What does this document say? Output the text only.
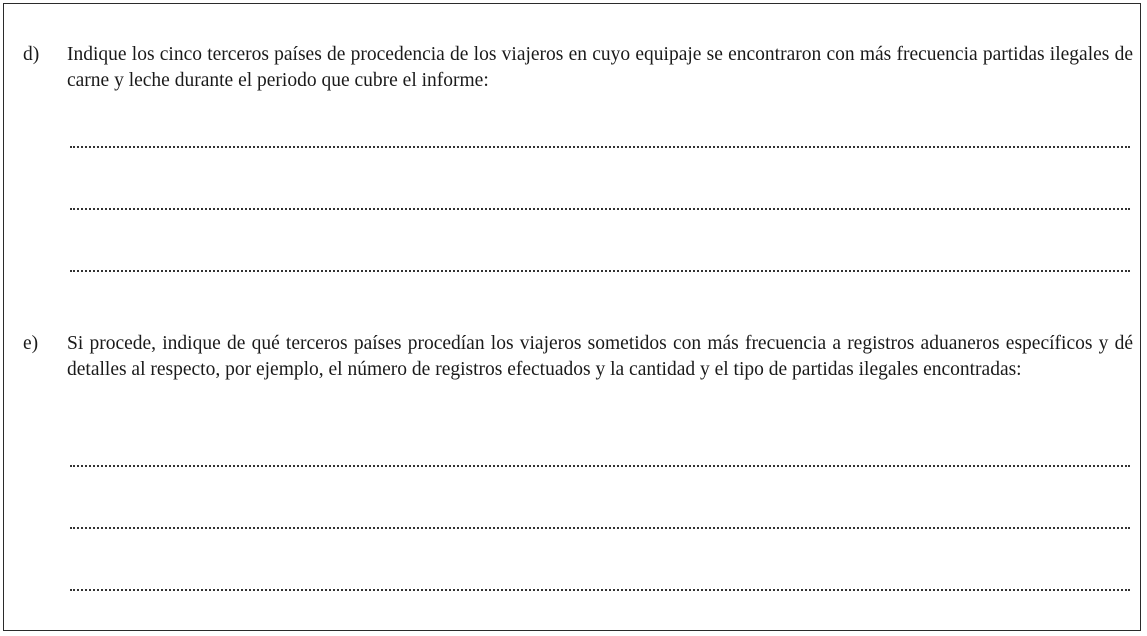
d) Indique los cinco terceros países de procedencia de los viajeros en cuyo equipaje se encontraron con más frecuencia partidas ilegales de carne y leche durante el periodo que cubre el informe:
e) Si procede, indique de qué terceros países procedían los viajeros sometidos con más frecuencia a registros aduaneros específicos y dé detalles al respecto, por ejemplo, el número de registros efectuados y la cantidad y el tipo de partidas ilegales encontradas:
